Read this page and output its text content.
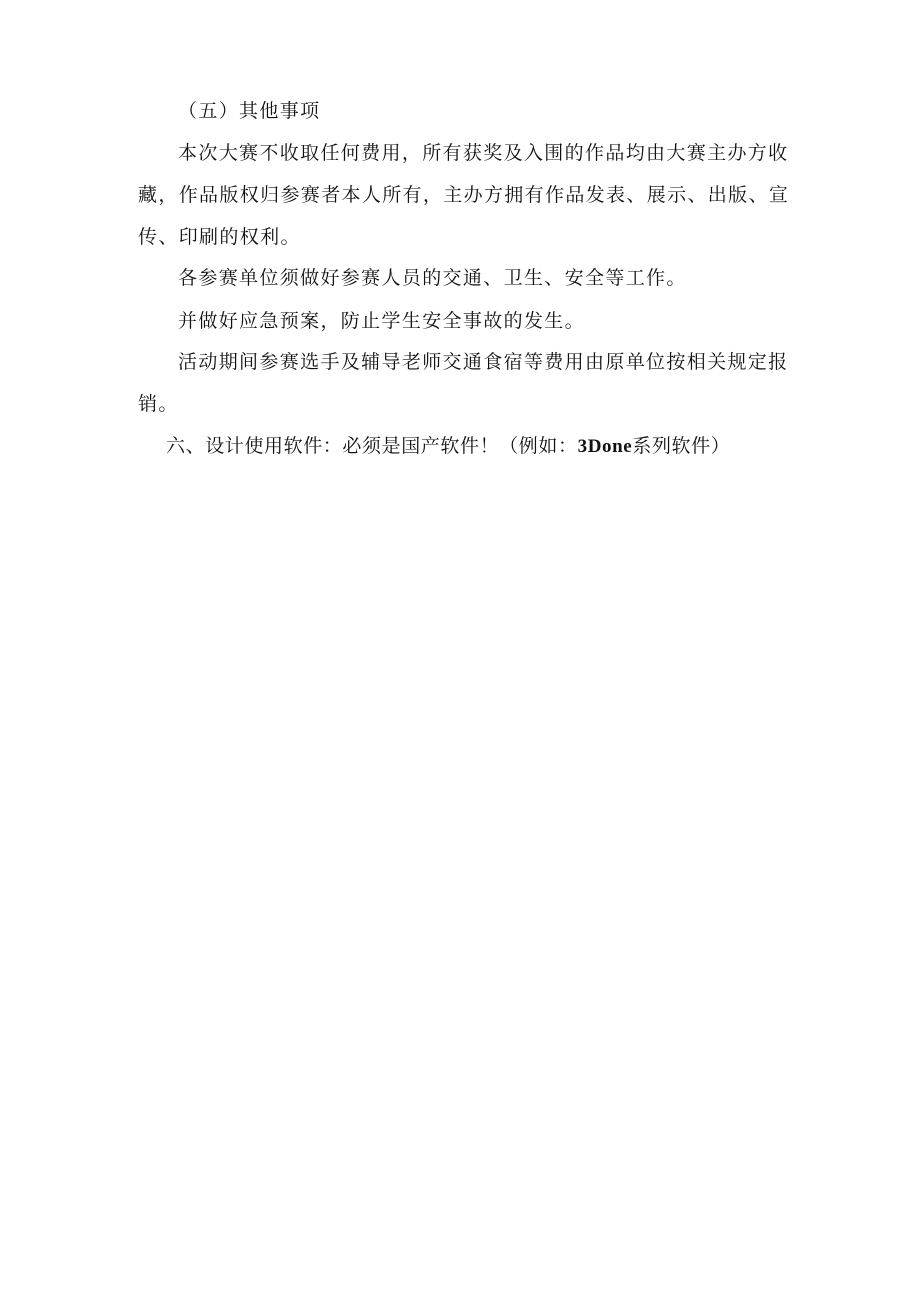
（五）其他事项
本次大赛不收取任何费用，所有获奖及入围的作品均由大赛主办方收
藏，作品版权归参赛者本人所有，主办方拥有作品发表、展示、出版、宣
传、印刷的权利。
各参赛单位须做好参赛人员的交通、卫生、安全等工作。
并做好应急预案，防止学生安全事故的发生。
活动期间参赛选手及辅导老师交通食宿等费用由原单位按相关规定报
销。
六、设计使用软件：必须是国产软件！（例如：3Done系列软件）
